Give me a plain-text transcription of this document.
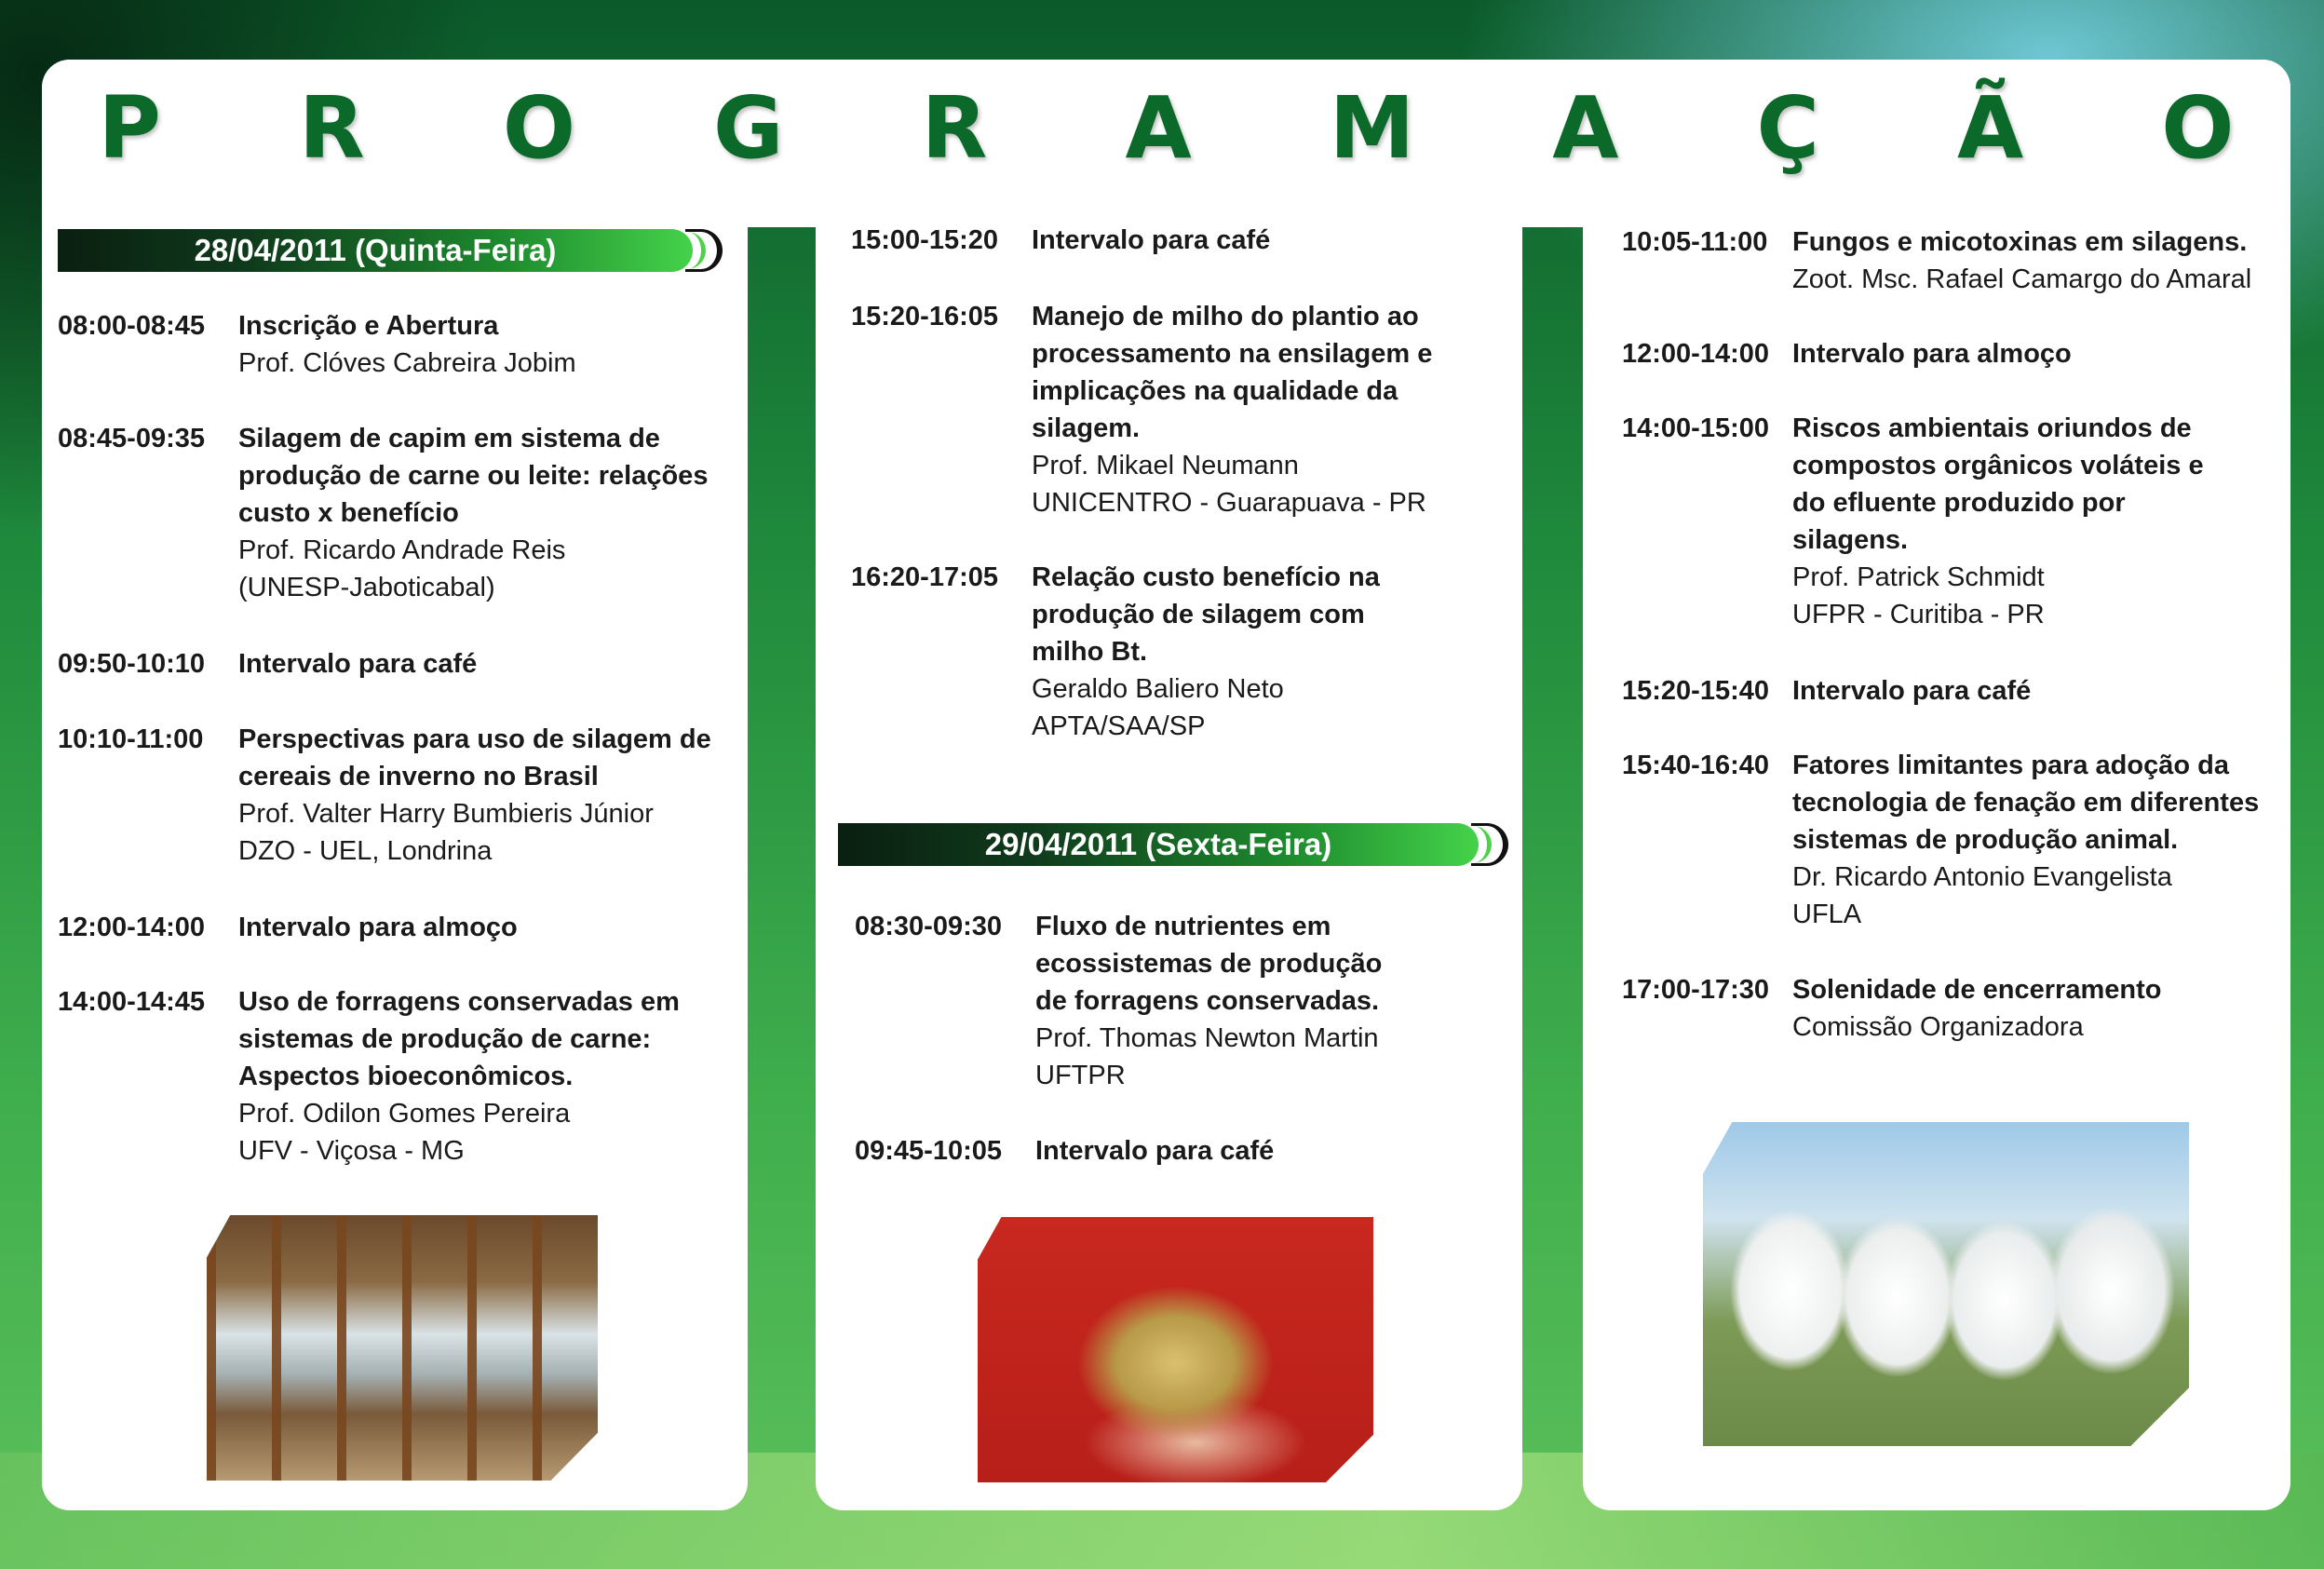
P R O G R A M A Ç Ã O
28/04/2011 (Quinta-Feira)
29/04/2011 (Sexta-Feira)
08:00-08:45 Inscrição e Abertura
Prof. Clóves Cabreira Jobim
08:45-09:35 Silagem de capim em sistema de
produção de carne ou leite: relações
custo x benefício
Prof. Ricardo Andrade Reis
(UNESP-Jaboticabal)
09:50-10:10 Intervalo para café
10:10-11:00 Perspectivas para uso de silagem de
cereais de inverno no Brasil
Prof. Valter Harry Bumbieris Júnior
DZO - UEL, Londrina
12:00-14:00 Intervalo para almoço
14:00-14:45 Uso de forragens conservadas em
sistemas de produção de carne:
Aspectos bioeconômicos.
Prof. Odilon Gomes Pereira
UFV - Viçosa - MG
15:00-15:20 Intervalo para café
15:20-16:05 Manejo de milho do plantio ao
processamento na ensilagem e
implicações na qualidade da
silagem.
Prof. Mikael Neumann
UNICENTRO - Guarapuava - PR
16:20-17:05 Relação custo benefício na
produção de silagem com
milho Bt.
Geraldo Baliero Neto
APTA/SAA/SP
08:30-09:30 Fluxo de nutrientes em
ecossistemas de produção
de forragens conservadas.
Prof. Thomas Newton Martin
UFTPR
09:45-10:05 Intervalo para café
10:05-11:00 Fungos e micotoxinas em silagens.
Zoot. Msc. Rafael Camargo do Amaral
12:00-14:00 Intervalo para almoço
14:00-15:00 Riscos ambientais oriundos de
compostos orgânicos voláteis e
do efluente produzido por
silagens.
Prof. Patrick Schmidt
UFPR - Curitiba - PR
15:20-15:40 Intervalo para café
15:40-16:40 Fatores limitantes para adoção da
tecnologia de fenação em diferentes
sistemas de produção animal.
Dr. Ricardo Antonio Evangelista
UFLA
17:00-17:30 Solenidade de encerramento
Comissão Organizadora
